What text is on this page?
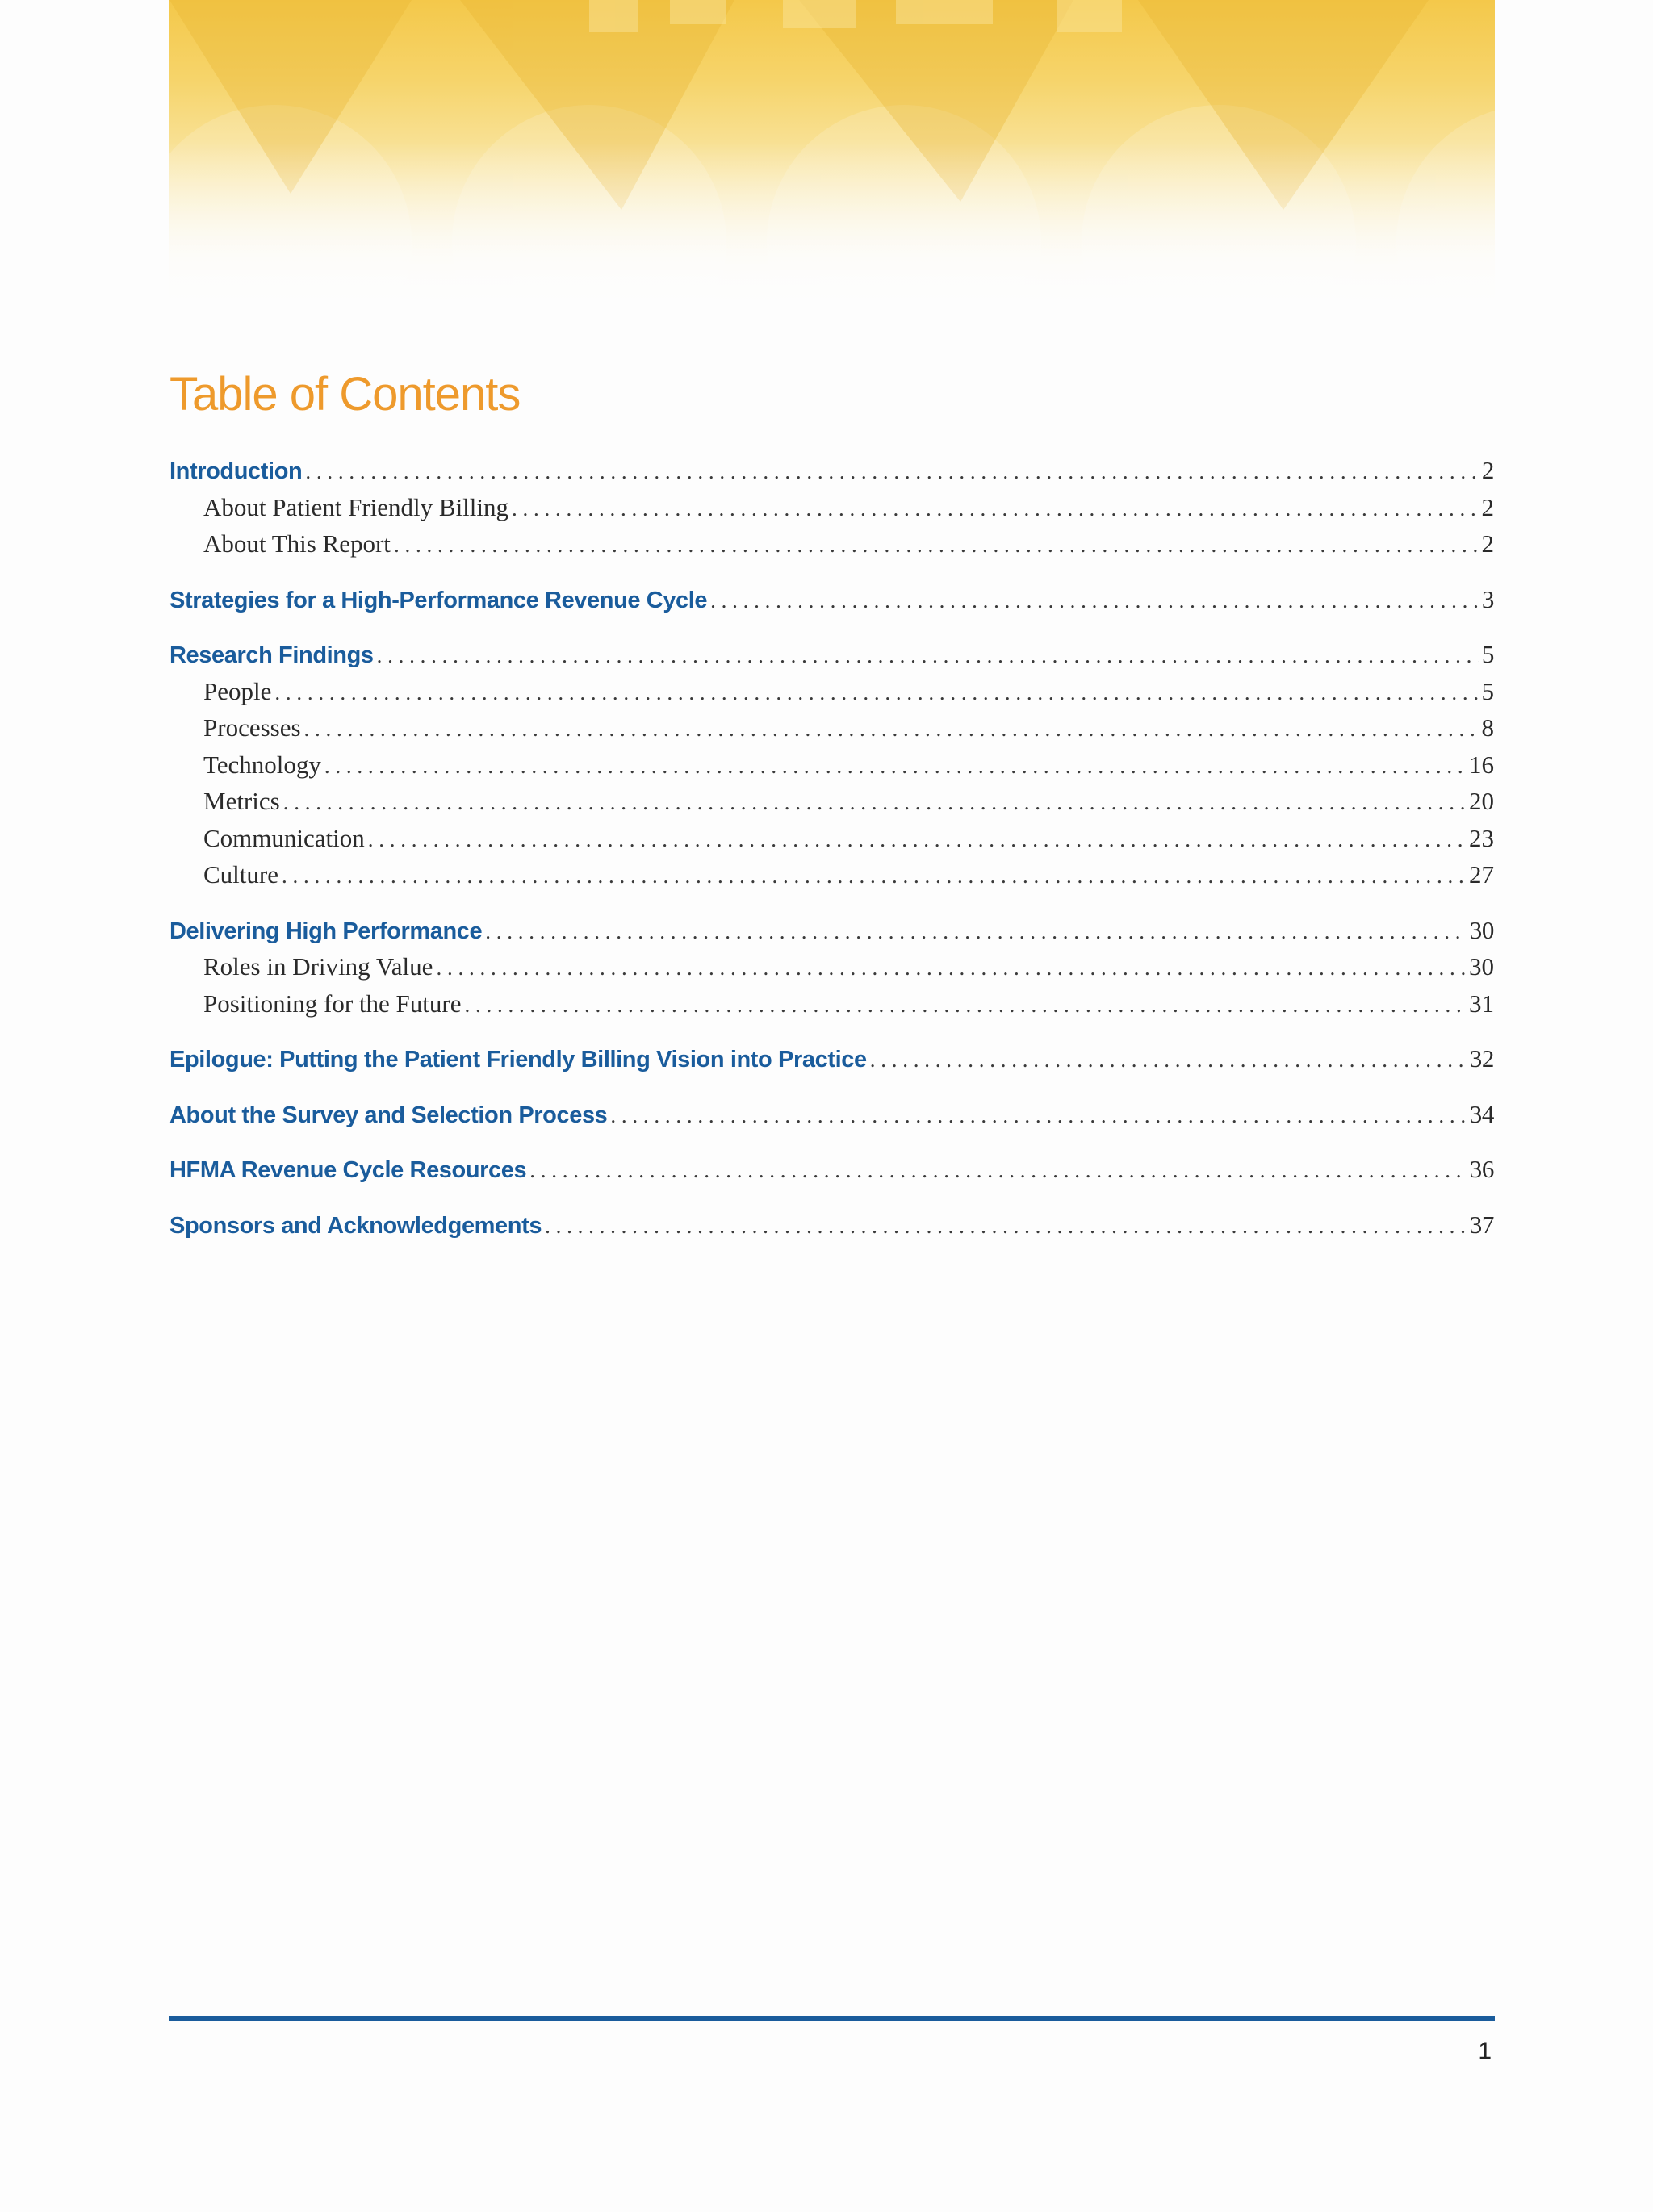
Table of Contents
Introduction . . .	2
About Patient Friendly Billing . . .	2
About This Report . . .	2
Strategies for a High-Performance Revenue Cycle . . .	3
Research Findings . . .	5
People . . .	5
Processes . . .	8
Technology . . .	16
Metrics . . .	20
Communication . . .	23
Culture . . .	27
Delivering High Performance . . .	30
Roles in Driving Value . . .	30
Positioning for the Future . . .	31
Epilogue: Putting the Patient Friendly Billing Vision into Practice . . .	32
About the Survey and Selection Process . . .	34
HFMA Revenue Cycle Resources . . .	36
Sponsors and Acknowledgements . . .	37
1
